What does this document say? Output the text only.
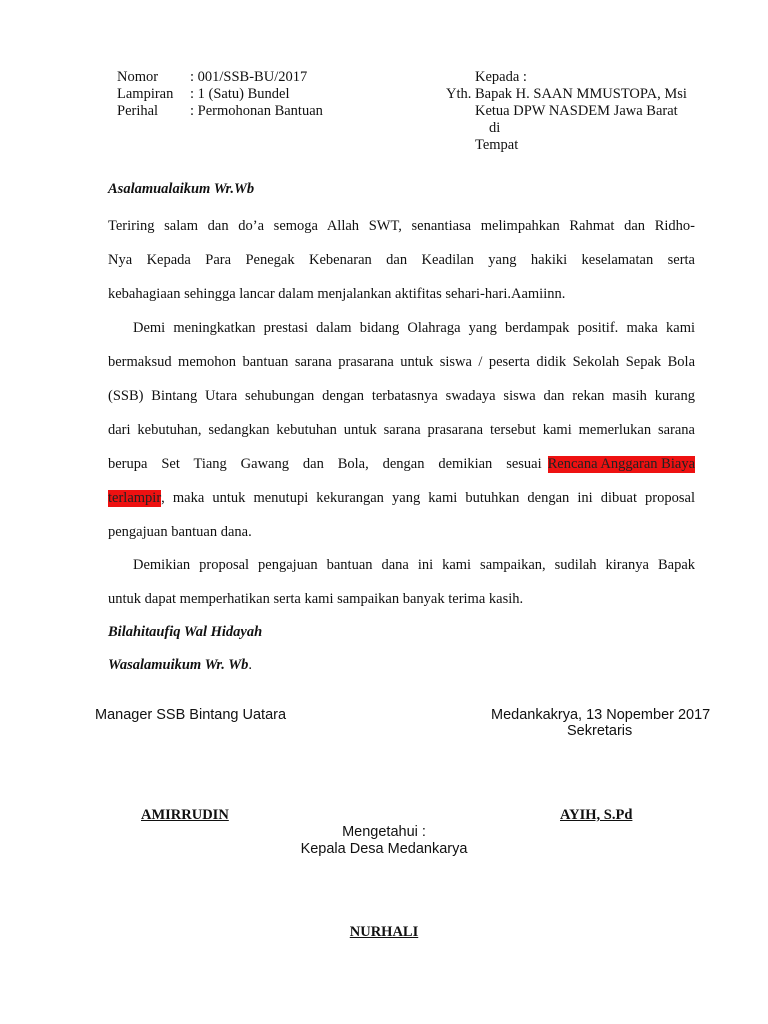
Nomor : 001/SSB-BU/2017
Lampiran : 1 (Satu) Bundel
Perihal : Permohonan Bantuan
Kepada :
Yth. Bapak H. SAAN MMUSTOPA, Msi
Ketua DPW NASDEM Jawa Barat
di
Tempat
Asalamualaikum Wr.Wb
Teriring salam dan do’a semoga Allah SWT, senantiasa melimpahkan Rahmat dan Ridho-
Nya Kepada Para Penegak Kebenaran dan Keadilan yang hakiki keselamatan serta
kebahagiaan sehingga lancar dalam menjalankan aktifitas sehari-hari.Aamiinn.
Demi meningkatkan prestasi dalam bidang Olahraga yang berdampak positif. maka kami
bermaksud memohon bantuan sarana prasarana untuk siswa / peserta didik Sekolah Sepak Bola
(SSB) Bintang Utara sehubungan dengan terbatasnya swadaya siswa dan rekan masih kurang
dari kebutuhan, sedangkan kebutuhan untuk sarana prasarana tersebut kami memerlukan sarana
berupa Set Tiang Gawang dan Bola, dengan demikian sesuai Rencana Anggaran Biaya
terlampir , maka untuk menutupi kekurangan yang kami butuhkan dengan ini dibuat proposal
pengajuan bantuan dana.
Demikian proposal pengajuan bantuan dana ini kami sampaikan, sudilah kiranya Bapak
untuk dapat memperhatikan serta kami sampaikan banyak terima kasih.
Bilahitaufiq Wal Hidayah
Wasalamuikum Wr. Wb.
Manager SSB Bintang Uatara	Medankakrya, 13 Nopember 2017
Sekretaris
AMIRRUDIN	AYIH, S.Pd
Mengetahui :
Kepala Desa Medankarya
NURHALI
